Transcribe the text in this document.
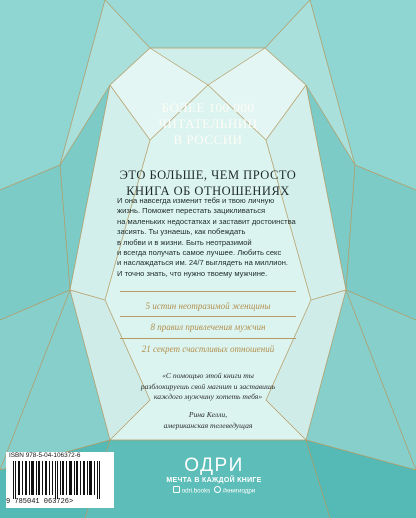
БОЛЕЕ 100 000
ЧИТАТЕЛЬНИЦ
В РОССИИ
ЭТО БОЛЬШЕ, ЧЕМ ПРОСТО
КНИГА ОБ ОТНОШЕНИЯХ
И она навсегда изменит тебя и твою личную
жизнь. Поможет перестать зацикливаться
на маленьких недостатках и заставит достоинства
засиять. Ты узнаешь, как побеждать
в любви и в жизни. Быть неотразимой
и всегда получать самое лучшее. Любить секс
и наслаждаться им. 24/7 выглядеть на миллион.
И точно знать, что нужно твоему мужчине.
5 истин неотразимой женщины
8 правил привлечения мужчин
21 секрет счастливых отношений
«С помощью этой книги ты
разблокируешь свой магнит и заставишь
каждого мужчину хотеть тебя»
Рина Келли,
американская телеведущая
ISBN 978-5-04-106372-6
9 785041 063726>
ОДРИ
МЕЧТА В КАЖДОЙ КНИГЕ
odri.books #книгиодри
